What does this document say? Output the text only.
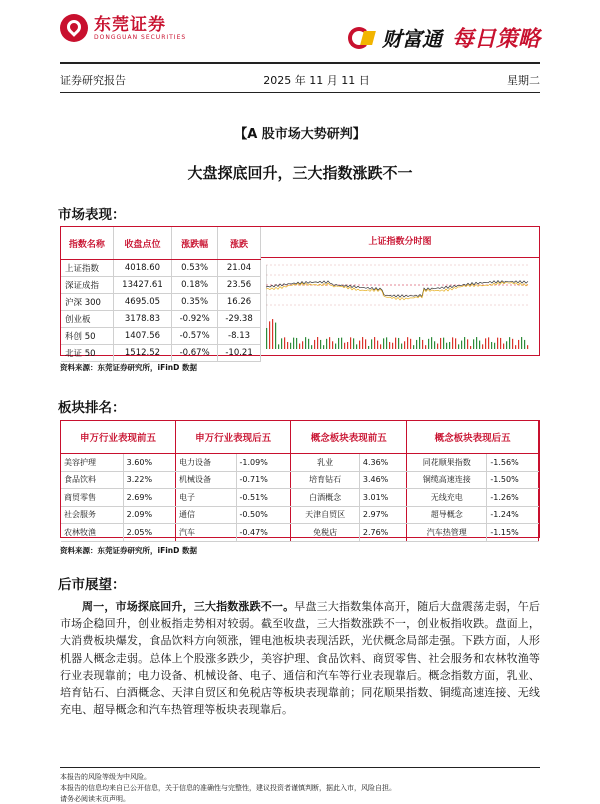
东莞证券
DONGGUAN SECURITIES	财富通 每日策略
证券研究报告	2025 年 11 月 11 日	星期二
【A 股市场大势研判】
大盘探底回升，三大指数涨跌不一
市场表现：
指数名称	收盘点位	涨跌幅	涨跌
上证指数	4018.60	0.53%	21.04
深证成指	13427.61	0.18%	23.56
沪深 300	4695.05	0.35%	16.26
创业板	3178.83	-0.92%	-29.38
科创 50	1407.56	-0.57%	-8.13
北证 50	1512.52	-0.67%	-10.21
上证指数分时图
资料来源：东莞证券研究所，iFinD 数据
板块排名：
申万行业表现前五		申万行业表现后五		概念板块表现前五		概念板块表现后五	
美容护理	3.60%	电力设备	-1.09%	乳业	4.36%	同花顺果指数	-1.56%
食品饮料	3.22%	机械设备	-0.71%	培育钻石	3.46%	铜缆高速连接	-1.50%
商贸零售	2.69%	电子	-0.51%	白酒概念	3.01%	无线充电	-1.26%
社会服务	2.09%	通信	-0.50%	天津自贸区	2.97%	超导概念	-1.24%
农林牧渔	2.05%	汽车	-0.47%	免税店	2.76%	汽车热管理	-1.15%
资料来源：东莞证券研究所，iFinD 数据
后市展望：
周一，市场探底回升，三大指数涨跌不一。早盘三大指数集体高开，随后大盘震荡走弱，午后市场企稳回升，创业板指走势相对较弱。截至收盘，三大指数涨跌不一，创业板指收跌。盘面上，大消费板块爆发，食品饮料方向领涨，锂电池板块表现活跃，光伏概念局部走强。下跌方面，人形机器人概念走弱。总体上个股涨多跌少，美容护理、食品饮料、商贸零售、社会服务和农林牧渔等行业表现靠前；电力设备、机械设备、电子、通信和汽车等行业表现靠后。概念指数方面，乳业、培育钻石、白酒概念、天津自贸区和免税店等板块表现靠前；同花顺果指数、铜缆高速连接、无线充电、超导概念和汽车热管理等板块表现靠后。
本报告的风险等级为中风险。
本报告的信息均来自已公开信息，关于信息的准确性与完整性，建议投资者谨慎判断，据此入市，风险自担。
请务必阅读末页声明。
